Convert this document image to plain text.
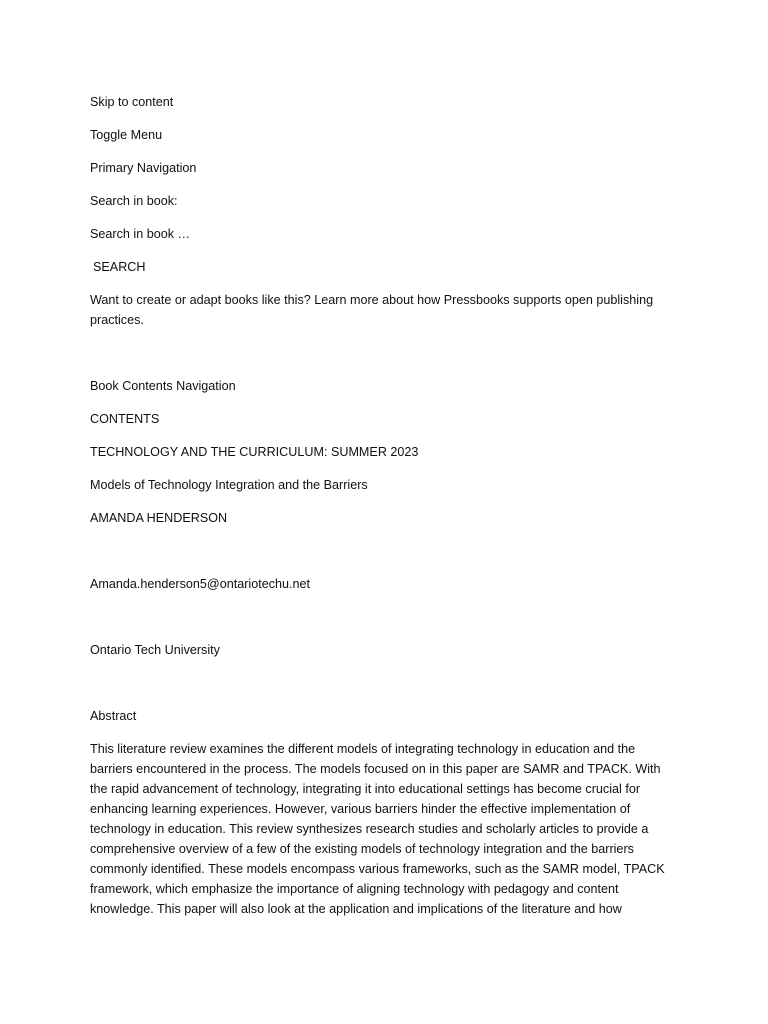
Skip to content
Toggle Menu
Primary Navigation
Search in book:
Search in book …
SEARCH
Want to create or adapt books like this? Learn more about how Pressbooks supports open publishing practices.
Book Contents Navigation
CONTENTS
TECHNOLOGY AND THE CURRICULUM: SUMMER 2023
Models of Technology Integration and the Barriers
AMANDA HENDERSON
Amanda.henderson5@ontariotechu.net
Ontario Tech University
Abstract

This literature review examines the different models of integrating technology in education and the barriers encountered in the process. The models focused on in this paper are SAMR and TPACK. With the rapid advancement of technology, integrating it into educational settings has become crucial for enhancing learning experiences. However, various barriers hinder the effective implementation of technology in education. This review synthesizes research studies and scholarly articles to provide a comprehensive overview of a few of the existing models of technology integration and the barriers commonly identified. These models encompass various frameworks, such as the SAMR model, TPACK framework, which emphasize the importance of aligning technology with pedagogy and content knowledge. This paper will also look at the application and implications of the literature and how
